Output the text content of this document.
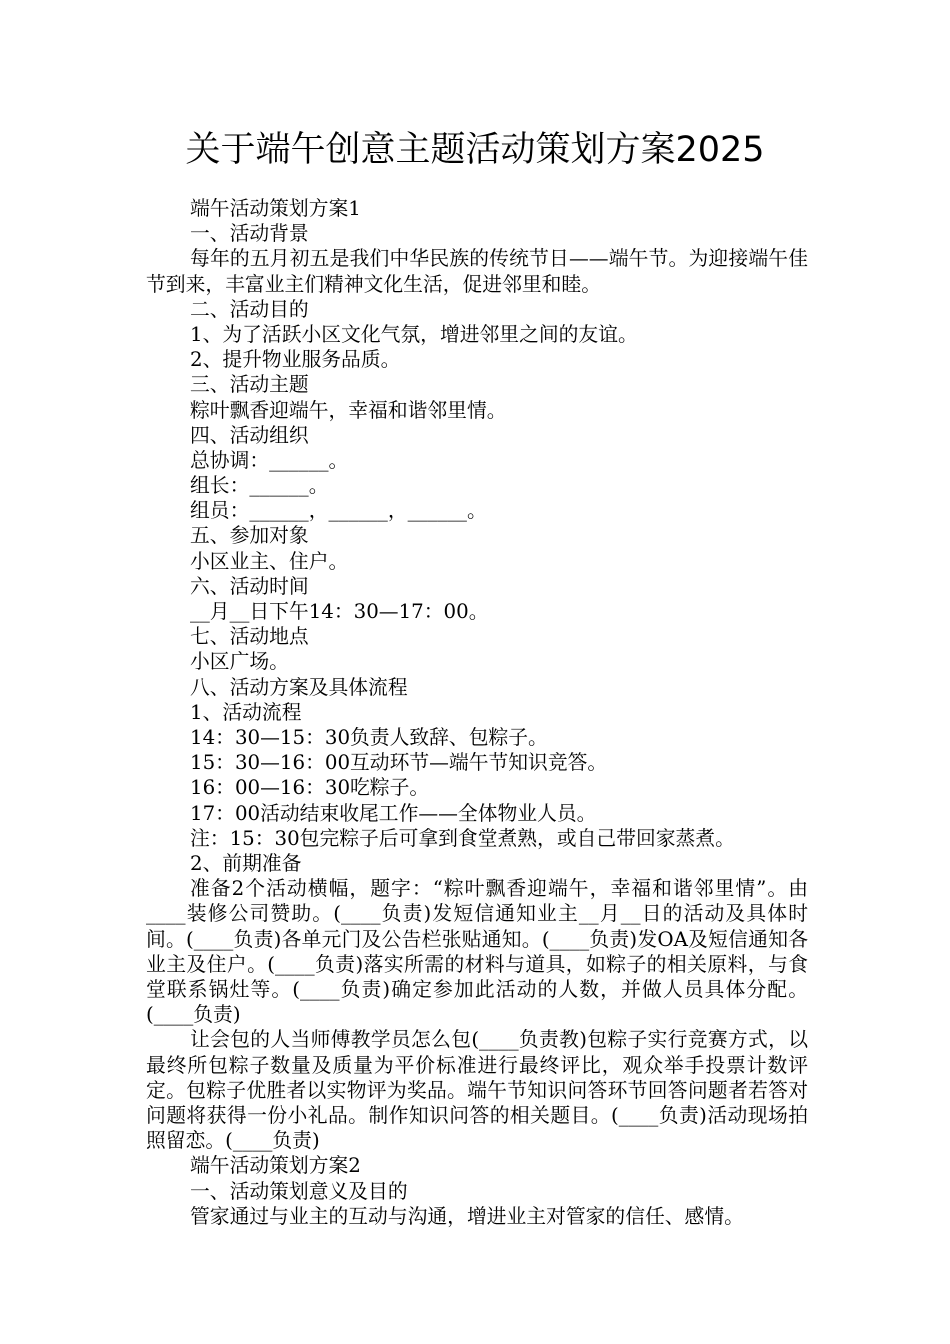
关于端午创意主题活动策划方案2025
端午活动策划方案1
一、活动背景

每年的五月初五是我们中华民族的传统节日——端午节。为迎接端午佳节到来，丰富业主们精神文化生活，促进邻里和睦。

二、活动目的
1、为了活跃小区文化气氛，增进邻里之间的友谊。
2、提升物业服务品质。
三、活动主题
粽叶飘香迎端午，幸福和谐邻里情。
四、活动组织
总协调：______。
组长：______。
组员：______，______，______。
五、参加对象
小区业主、住户。
六、活动时间
__月__日下午14：30—17：00。
七、活动地点
小区广场。
八、活动方案及具体流程
1、活动流程
14：30—15：30负责人致辞、包粽子。
15：30—16：00互动环节—端午节知识竞答。
16：00—16：30吃粽子。
17：00活动结束收尾工作——全体物业人员。
注：15：30包完粽子后可拿到食堂煮熟，或自己带回家蒸煮。
2、前期准备

准备2个活动横幅，题字：“粽叶飘香迎端午，幸福和谐邻里情”。由____装修公司赞助。(____负责)发短信通知业主__月__日的活动及具体时间。(____负责)各单元门及公告栏张贴通知。(____负责)发OA及短信通知各业主及住户。(____负责)落实所需的材料与道具，如粽子的相关原料，与食堂联系锅灶等。(____负责)确定参加此活动的人数，并做人员具体分配。(____负责)

让会包的人当师傅教学员怎么包(____负责教)包粽子实行竞赛方式，以最终所包粽子数量及质量为平价标准进行最终评比，观众举手投票计数评定。包粽子优胜者以实物评为奖品。端午节知识问答环节回答问题者若答对问题将获得一份小礼品。制作知识问答的相关题目。(____负责)活动现场拍照留恋。(____负责)

端午活动策划方案2
一、活动策划意义及目的
管家通过与业主的互动与沟通，增进业主对管家的信任、感情。
